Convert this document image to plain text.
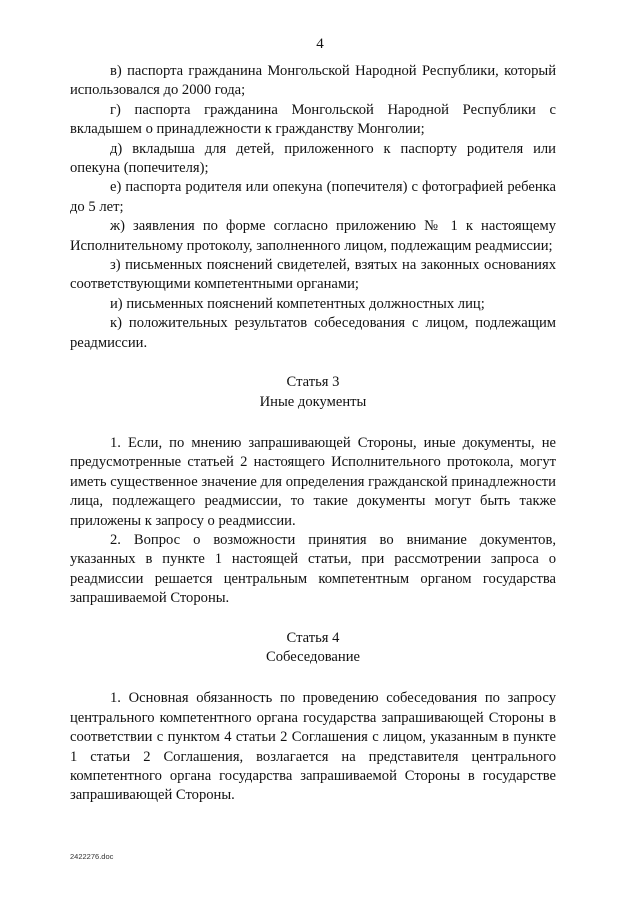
4

в) паспорта гражданина Монгольской Народной Республики, который использовался до 2000 года;

г) паспорта гражданина Монгольской Народной Республики с вкладышем о принадлежности к гражданству Монголии;

д) вкладыша для детей, приложенного к паспорту родителя или опекуна (попечителя);

е) паспорта родителя или опекуна (попечителя) с фотографией ребенка до 5 лет;

ж) заявления по форме согласно приложению № 1 к настоящему Исполнительному протоколу, заполненного лицом, подлежащим реадмиссии;

з) письменных пояснений свидетелей, взятых на законных основаниях соответствующими компетентными органами;

и) письменных пояснений компетентных должностных лиц;

к) положительных результатов собеседования с лицом, подлежащим реадмиссии.

Статья 3

Иные документы

1. Если, по мнению запрашивающей Стороны, иные документы, не предусмотренные статьей 2 настоящего Исполнительного протокола, могут иметь существенное значение для определения гражданской принадлежности лица, подлежащего реадмиссии, то такие документы могут быть также приложены к запросу о реадмиссии.

2. Вопрос о возможности принятия во внимание документов, указанных в пункте 1 настоящей статьи, при рассмотрении запроса о реадмиссии решается центральным компетентным органом государства запрашиваемой Стороны.

Статья 4

Собеседование

1. Основная обязанность по проведению собеседования по запросу центрального компетентного органа государства запрашивающей Стороны в соответствии с пунктом 4 статьи 2 Соглашения с лицом, указанным в пункте 1 статьи 2 Соглашения, возлагается на представителя центрального компетентного органа государства запрашиваемой Стороны в государстве запрашивающей Стороны.

2422276.doc
